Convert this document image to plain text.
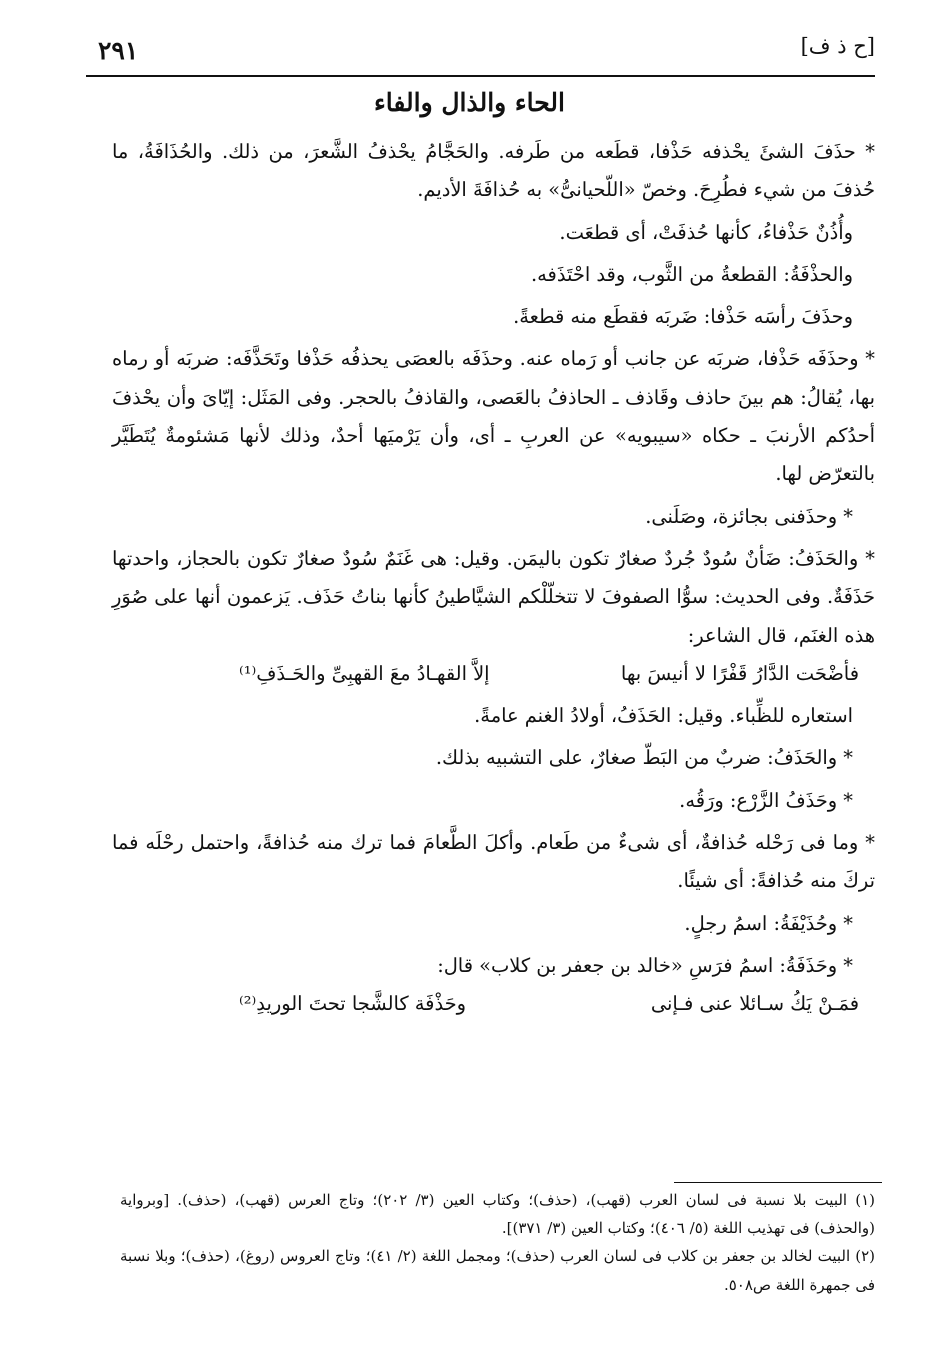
٢٩١	[ح ذ ف]
الحاء والذال والفاء

* حذَفَ الشئَ يحْذفه حَذْفا، قطَعه من طَرفه. والحَجَّامُ يحْذفُ الشَّعرَ، من ذلك. والحُذَافَةُ، ما حُذفَ من شيء فطُرِحَ. وخصّ «اللّحيانىُّ» به حُذافَةَ الأديم.

وأُذُنٌ حَذْفاءُ، كأنها حُذفَتْ، أى قطعَت.

والحذْفَةُ: القطعةُ من الثَّوب، وقد احْتَذَفه.

وحذَفَ رأسَه حَذْفا: ضَربَه فقطَع منه قطعةً.

* وحذَفَه حَذْفا، ضربَه عن جانب أو رَماه عنه. وحذَفَه بالعصَى يحذفُه حَذْفا وتَحَذَّفَه: ضربَه أو رماه بها، يُقالُ: هم بينَ حاذف وقَاذف ـ الحاذفُ بالعَصى، والقاذفُ بالحجر. وفى المَثَل: إيّاىَ وأن يحْذفَ أحدُكم الأرنبَ ـ حكاه «سيبويه» عن العربِ ـ أى، وأن يَرْميَها أحدٌ، وذلك لأنها مَشئومةٌ يُتَطَيَّر بالتعرّض لها.

* وحذَفنى بجائزة، وصَلَنى.

* والحَذَفُ: ضَأنٌ سُودٌ جُردٌ صغارٌ تكون باليمَن. وقيل: هى غَنَمٌ سُودٌ صغارٌ تكون بالحجاز، واحدتها حَذَفَةٌ. وفى الحديث: سوُّا الصفوفَ لا تتخلّلْكم الشيَّاطينُ كأنها بناتُ حَذَف. يَزعمون أنها على صُوَرِ هذه الغنَم، قال الشاعر:

فأضْحَت الدَّارُ قَفْرًا لا أنيسَ بها
إلاَّ القهـادُ معَ القهبِىِّ والحَـذَفِ⁽¹⁾

استعاره للظِّباء. وقيل: الحَذَفُ، أولادُ الغنم عامةً.

* والحَذَفُ: ضربٌ من البَطّ صغارٌ، على التشبيه بذلك.

* وحَذَفُ الزَّرْع: ورَقُه.

* وما فى رَحْله حُذافةٌ، أى شىءٌ من طَعام. وأكلَ الطَّعامَ فما ترك منه حُذافةً، واحتمل رحْلَه فما تركَ منه حُذافةً: أى شيئًا.

* وحُذَيْفَةُ: اسمُ رجلٍ.

* وحَذَفَةُ: اسمُ فرَسِ «خالد بن جعفر بن كلاب» قال:

فمَـنْ يَكُ سـائلا عنى فـإنى
وحَذْفَة كالشَّجا تحتَ الوريدِ⁽²⁾

(١) البيت بلا نسبة فى لسان العرب (قهب)، (حذف)؛ وكتاب العين (٣/ ٢٠٢)؛ وتاج العرس (قهب)، (حذف). [وبرواية (والحذف) فى تهذيب اللغة (٥/ ٤٠٦)؛ وكتاب العين (٣/ ٣٧١)].

(٢) البيت لخالد بن جعفر بن كلاب فى لسان العرب (حذف)؛ ومجمل اللغة (٢/ ٤١)؛ وتاج العروس (روغ)، (حذف)؛ وبلا نسبة فى جمهرة اللغة ص٥٠٨.
